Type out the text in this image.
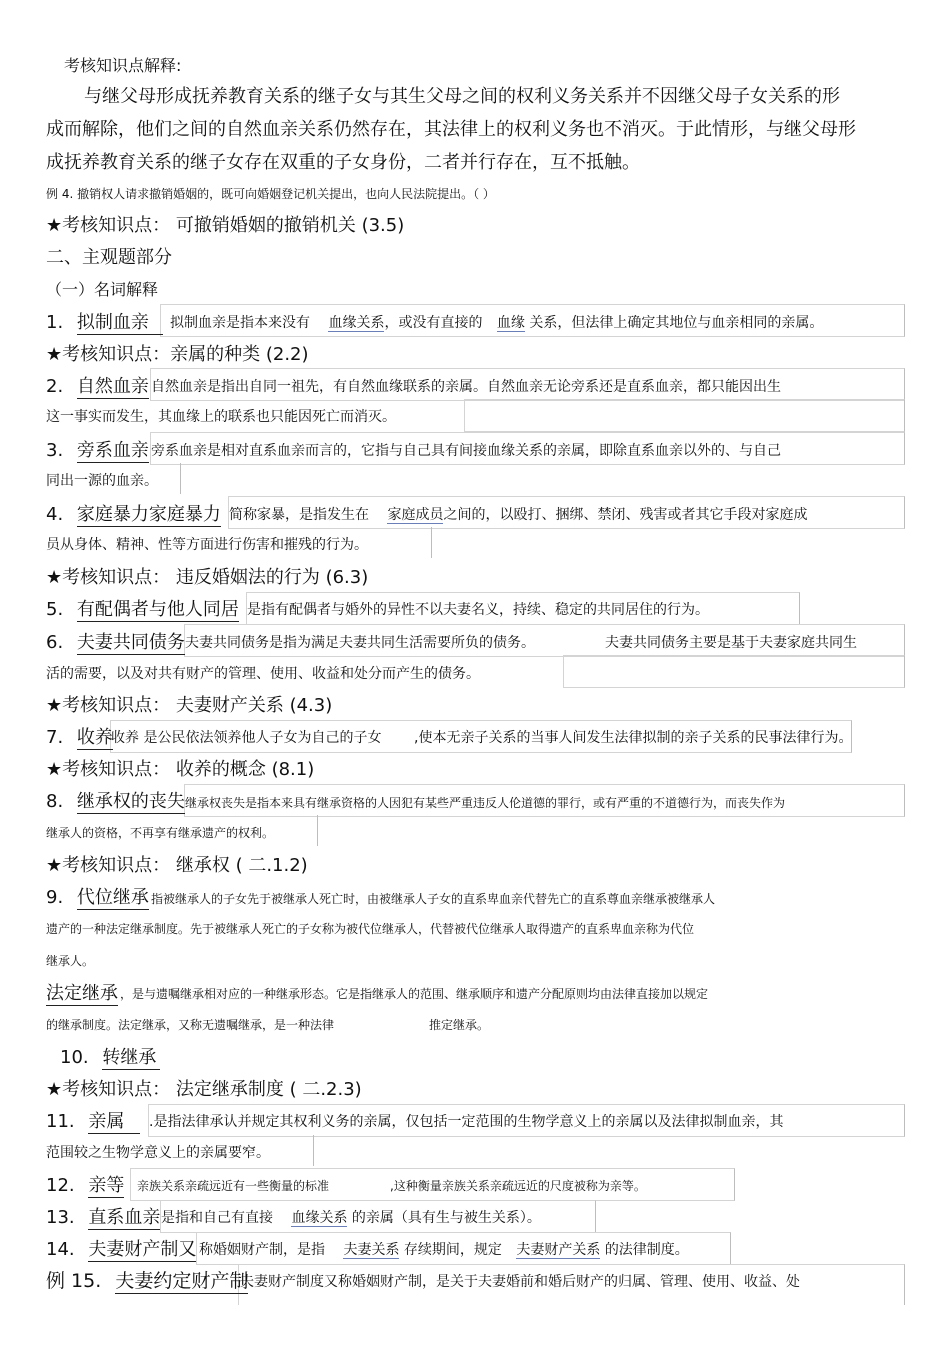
考核知识点解释:
与继父母形成抚养教育关系的继子女与其生父母之间的权利义务关系并不因继父母子女关系的形
成而解除，他们之间的自然血亲关系仍然存在，其法律上的权利义务也不消灭。于此情形，与继父母形
成抚养教育关系的继子女存在双重的子女身份，二者并行存在，互不抵触。
例 4. 撤销权人请求撤销婚姻的，既可向婚姻登记机关提出，也向人民法院提出。（ ）
★考核知识点： 可撤销婚姻的撤销机关 (3.5)
二、主观题部分
（一）名词解释
1. 拟制血亲	拟制血亲是指本来没有 血缘关系，或没有直接的 血缘 关系，但法律上确定其地位与血亲相同的亲属。
★考核知识点：亲属的种类 (2.2)
2. 自然血亲 自然血亲是指出自同一祖先，有自然血缘联系的亲属。自然血亲无论旁系还是直系血亲，都只能因出生
这一事实而发生，其血缘上的联系也只能因死亡而消灭。
3. 旁系血亲 旁系血亲是相对直系血亲而言的，它指与自己具有间接血缘关系的亲属，即除直系血亲以外的、与自己
同出一源的血亲。
4. 家庭暴力家庭暴力 简称家暴，是指发生在 家庭成员之间的，以殴打、捆绑、禁闭、残害或者其它手段对家庭成
员从身体、精神、性等方面进行伤害和摧残的行为。
★考核知识点： 违反婚姻法的行为 (6.3)
5. 有配偶者与他人同居 是指有配偶者与婚外的异性不以夫妻名义，持续、稳定的共同居住的行为。
6. 夫妻共同债务 夫妻共同债务是指为满足夫妻共同生活需要所负的债务。	夫妻共同债务主要是基于夫妻家庭共同生
活的需要，以及对共有财产的管理、使用、收益和处分而产生的债务。
★考核知识点： 夫妻财产关系 (4.3)
7. 收养
收养 是公民依法领养他人子女为自己的子女 ,使本无亲子关系的当事人间发生法律拟制的亲子关系的民事法律行为。
★考核知识点： 收养的概念 (8.1)
8. 继承权的丧失 继承权丧失是指本来具有继承资格的人因犯有某些严重违反人伦道德的罪行，或有严重的不道德行为，而丧失作为
继承人的资格，不再享有继承遗产的权利。
★考核知识点： 继承权 ( 二.1.2)
9. 代位继承 指被继承人的子女先于被继承人死亡时，由被继承人子女的直系卑血亲代替先亡的直系尊血亲继承被继承人
遗产的一种法定继承制度。先于被继承人死亡的子女称为被代位继承人，代替被代位继承人取得遗产的直系卑血亲称为代位
继承人。
法定继承 ，是与遗嘱继承相对应的一种继承形态。它是指继承人的范围、继承顺序和遗产分配原则均由法律直接加以规定
的继承制度。法定继承，又称无遗嘱继承，是一种法律	推定继承。
10. 转继承
★考核知识点： 法定继承制度 ( 二.2.3)
11. 亲属	.是指法律承认并规定其权利义务的亲属，仅包括一定范围的生物学意义上的亲属以及法律拟制血亲，其
范围较之生物学意义上的亲属要窄。
12. 亲等 亲族关系亲疏远近有一些衡量的标准	,这种衡量亲族关系亲疏远近的尺度被称为亲等。
13. 直系血亲 是指和自己有直接 血缘关系 的亲属（具有生与被生关系）。
14. 夫妻财产制又 称婚姻财产制，是指 夫妻关系 存续期间，规定 夫妻财产关系 的法律制度。
例 15. 夫妻约定财产制
夫妻财产制度又称婚姻财产制，是关于夫妻婚前和婚后财产的归属、管理、使用、收益、处
